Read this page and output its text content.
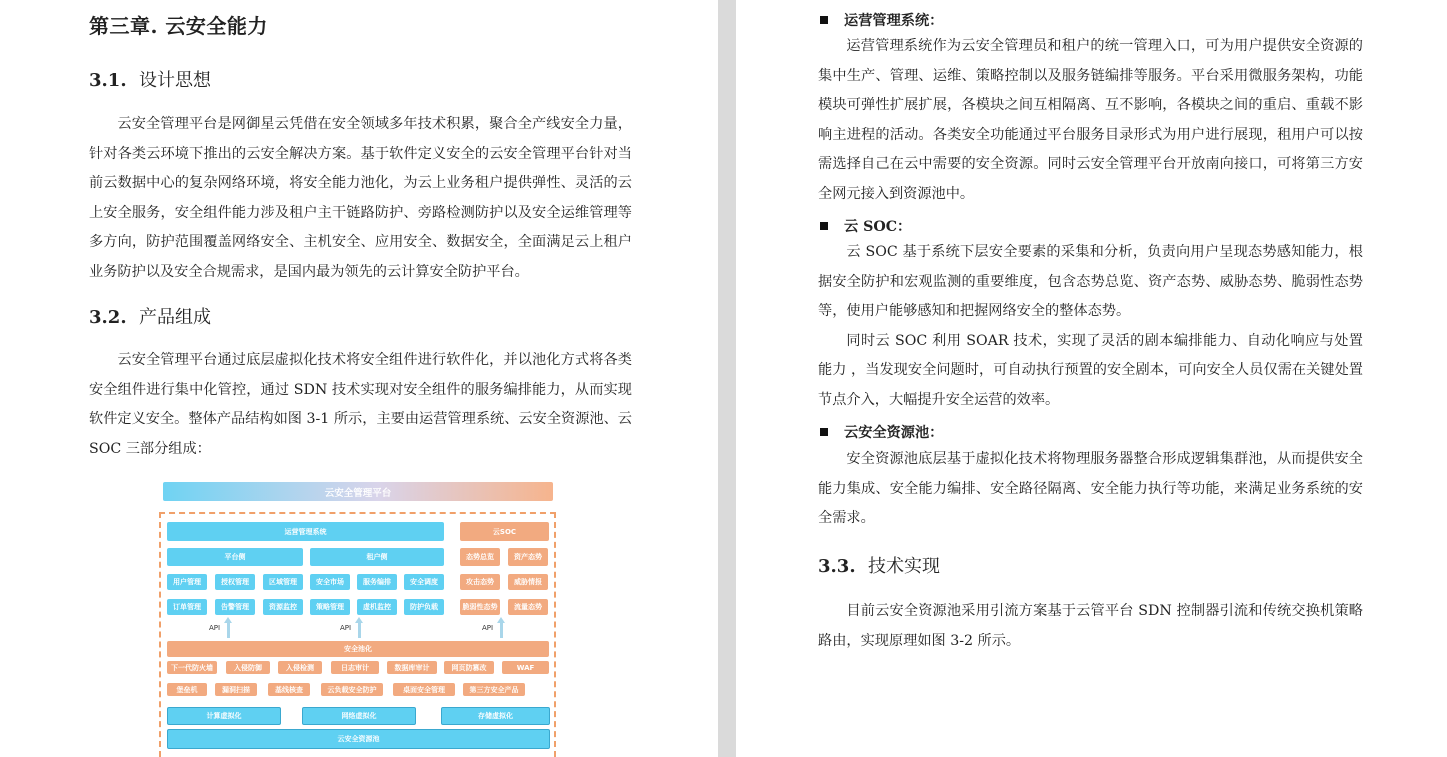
第三章. 云安全能力
3.1. 设计思想

云安全管理平台是网御星云凭借在安全领域多年技术积累，聚合全产线安全力量，针对各类云环境下推出的云安全解决方案。基于软件定义安全的云安全管理平台针对当前云数据中心的复杂网络环境，将安全能力池化，为云上业务租户提供弹性、灵活的云上安全服务，安全组件能力涉及租户主干链路防护、旁路检测防护以及安全运维管理等多方向，防护范围覆盖网络安全、主机安全、应用安全、数据安全，全面满足云上租户业务防护以及安全合规需求，是国内最为领先的云计算安全防护平台。

3.2. 产品组成

云安全管理平台通过底层虚拟化技术将安全组件进行软件化，并以池化方式将各类安全组件进行集中化管控，通过 SDN 技术实现对安全组件的服务编排能力，从而实现软件定义安全。整体产品结构如图 3-1 所示，主要由运营管理系统、云安全资源池、云 SOC 三部分组成：

云安全管理平台
运营管理系统	云SOC
平台侧	租户侧
用户管理	授权管理	区域管理	安全市场	服务编排	安全调度
订单管理	告警管理	资源监控	策略管理	虚机监控	防护负载
态势总览	资产态势
攻击态势	威胁情报
脆弱性态势	流量态势
API	API	API
安全池化
下一代防火墙	入侵防御	入侵检测	日志审计	数据库审计	网页防篡改	WAF
堡垒机	漏洞扫描	基线核查	云负载安全防护	桌面安全管理	第三方安全产品
计算虚拟化	网络虚拟化	存储虚拟化
云安全资源池
运营管理系统：

运营管理系统作为云安全管理员和租户的统一管理入口，可为用户提供安全资源的集中生产、管理、运维、策略控制以及服务链编排等服务。平台采用微服务架构，功能模块可弹性扩展扩展，各模块之间互相隔离、互不影响，各模块之间的重启、重载不影响主进程的活动。各类安全功能通过平台服务目录形式为用户进行展现，租用户可以按需选择自己在云中需要的安全资源。同时云安全管理平台开放南向接口，可将第三方安全网元接入到资源池中。

云 SOC：

云 SOC 基于系统下层安全要素的采集和分析，负责向用户呈现态势感知能力，根据安全防护和宏观监测的重要维度，包含态势总览、资产态势、威胁态势、脆弱性态势等，使用户能够感知和把握网络安全的整体态势。

同时云 SOC 利用 SOAR 技术，实现了灵活的剧本编排能力、自动化响应与处置能力 ，当发现安全问题时，可自动执行预置的安全剧本，可向安全人员仅需在关键处置节点介入，大幅提升安全运营的效率。

云安全资源池：

安全资源池底层基于虚拟化技术将物理服务器整合形成逻辑集群池，从而提供安全能力集成、安全能力编排、安全路径隔离、安全能力执行等功能，来满足业务系统的安全需求。

3.3. 技术实现

目前云安全资源池采用引流方案基于云管平台 SDN 控制器引流和传统交换机策略路由，实现原理如图 3-2 所示。
